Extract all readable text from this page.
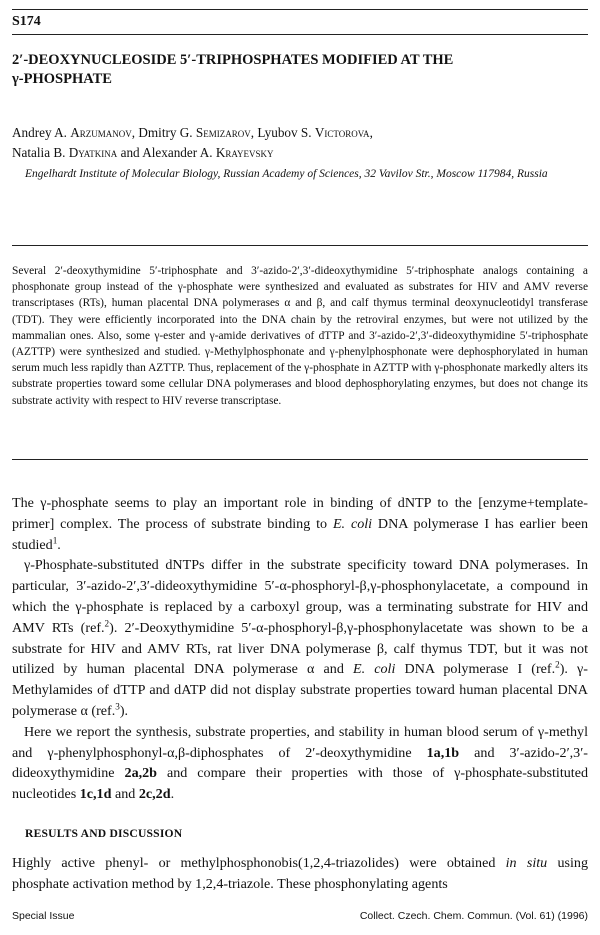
S174
2′-DEOXYNUCLEOSIDE 5′-TRIPHOSPHATES MODIFIED AT THE
γ-PHOSPHATE
Andrey A. Arzumanov, Dmitry G. Semizarov, Lyubov S. Victorova,
Natalia B. Dyatkina and Alexander A. Krayevsky
Engelhardt Institute of Molecular Biology, Russian Academy of Sciences, 32 Vavilov Str., Moscow 117984, Russia
Several 2′-deoxythymidine 5′-triphosphate and 3′-azido-2′,3′-dideoxythymidine 5′-triphosphate analogs containing a phosphonate group instead of the γ-phosphate were synthesized and evaluated as substrates for HIV and AMV reverse transcriptases (RTs), human placental DNA polymerases α and β, and calf thymus terminal deoxynucleotidyl transferase (TDT). They were efficiently incorporated into the DNA chain by the retroviral enzymes, but were not utilized by the mammalian ones. Also, some γ-ester and γ-amide derivatives of dTTP and 3′-azido-2′,3′-dideoxythymidine 5′-triphosphate (AZTTP) were synthesized and studied. γ-Methylphosphonate and γ-phenylphosphonate were dephosphorylated in human serum much less rapidly than AZTTP. Thus, replacement of the γ-phosphate in AZTTP with γ-phosphonate markedly alters its substrate properties toward some cellular DNA polymerases and blood dephosphorylating enzymes, but does not change its substrate activity with respect to HIV reverse transcriptase.

The γ-phosphate seems to play an important role in binding of dNTP to the [enzyme+template-primer] complex. The process of substrate binding to E. coli DNA polymerase I has earlier been studied$^1$.

γ-Phosphate-substituted dNTPs differ in the substrate specificity toward DNA polymerases. In particular, 3′-azido-2′,3′-dideoxythymidine 5′-α-phosphoryl-β,γ-phosphonylacetate, a compound in which the γ-phosphate is replaced by a carboxyl group, was a terminating substrate for HIV and AMV RTs (ref.$^2$). 2′-Deoxythymidine 5′-α-phosphoryl-β,γ-phosphonylacetate was shown to be a substrate for HIV and AMV RTs, rat liver DNA polymerase β, calf thymus TDT, but it was not utilized by human placental DNA polymerase α and E. coli DNA polymerase I (ref.$^2$). γ-Methylamides of dTTP and dATP did not display substrate properties toward human placental DNA polymerase α (ref.$^3$).

Here we report the synthesis, substrate properties, and stability in human blood serum of γ-methyl and γ-phenylphosphonyl-α,β-diphosphates of 2′-deoxythymidine 1a,1b and 3′-azido-2′,3′-dideoxythymidine 2a,2b and compare their properties with those of γ-phosphate-substituted nucleotides 1c,1d and 2c,2d.

RESULTS AND DISCUSSION
Highly active phenyl- or methylphosphonobis(1,2,4-triazolides) were obtained in situ using phosphate activation method by 1,2,4-triazole. These phosphonylating agents
Special Issue	Collect. Czech. Chem. Commun. (Vol. 61) (1996)
